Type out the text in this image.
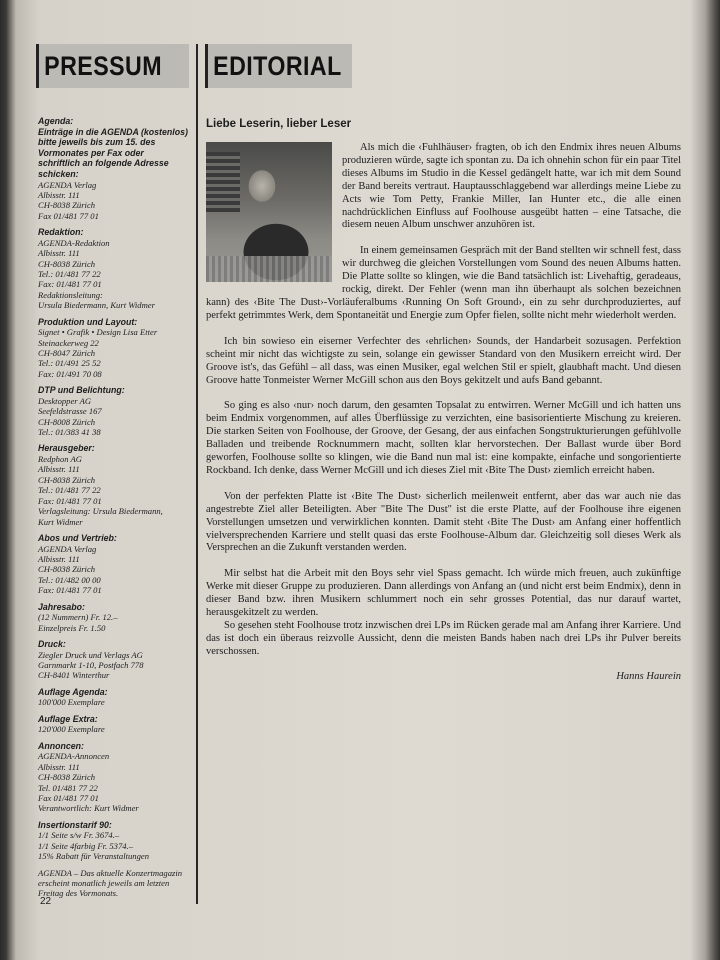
PRESSUM	EDITORIAL
Agenda:
Einträge in die AGENDA (kostenlos) bitte jeweils bis zum 15. des Vormonates per Fax oder schriftlich an folgende Adresse schicken:
AGENDA Verlag
Albisstr. 111
CH-8038 Zürich
Fax 01/481 77 01
Redaktion:
AGENDA-Redaktion
Albisstr. 111
CH-8038 Zürich
Tel.: 01/481 77 22
Fax: 01/481 77 01
Redaktionsleitung:
Ursula Biedermann, Kurt Widmer
Produktion und Layout:
Signet • Grafik • Design Lisa Etter
Steinackerweg 22
CH-8047 Zürich
Tel.: 01/491 25 52
Fax: 01/491 70 08
DTP und Belichtung:
Desktopper AG
Seefeldstrasse 167
CH-8008 Zürich
Tel.: 01/383 41 38
Herausgeber:
Redphon AG
Albisstr. 111
CH-8038 Zürich
Tel.: 01/481 77 22
Fax: 01/481 77 01
Verlagsleitung: Ursula Biedermann,
Kurt Widmer
Abos und Vertrieb:
AGENDA Verlag
Albisstr. 111
CH-8038 Zürich
Tel.: 01/482 00 00
Fax: 01/481 77 01
Jahresabo:
(12 Nummern) Fr. 12.–
Einzelpreis Fr. 1.50
Druck:
Ziegler Druck und Verlags AG
Garnmarkt 1-10, Postfach 778
CH-8401 Winterthur
Auflage Agenda:
100'000 Exemplare
Auflage Extra:
120'000 Exemplare
Annoncen:
AGENDA-Annoncen
Albisstr. 111
CH-8038 Zürich
Tel. 01/481 77 22
Fax 01/481 77 01
Verantwortlich: Kurt Widmer
Insertionstarif 90:
1/1 Seite s/w Fr. 3674.–
1/1 Seite 4farbig Fr. 5374.–
15% Rabatt für Veranstaltungen
AGENDA – Das aktuelle Konzertmagazin erscheint monatlich jeweils am letzten Freitag des Vormonats.
Liebe Leserin, lieber Leser

Als mich die ‹Fuhlhäuser› fragten, ob ich den Endmix ihres neuen Albums produzieren würde, sagte ich spontan zu. Da ich ohnehin schon für ein paar Titel dieses Albums im Studio in die Kessel gedängelt hatte, war ich mit dem Sound der Band bereits vertraut. Hauptausschlaggebend war allerdings meine Liebe zu Acts wie Tom Petty, Frankie Miller, Ian Hunter etc., die alle einen nachdrücklichen Einfluss auf Foolhouse ausgeübt hatten – eine Tatsache, die diesem neuen Album unschwer anzuhören ist.

In einem gemeinsamen Gespräch mit der Band stellten wir schnell fest, dass wir durchweg die gleichen Vorstellungen vom Sound des neuen Albums hatten. Die Platte sollte so klingen, wie die Band tatsächlich ist: Livehaftig, geradeaus, rockig, direkt. Der Fehler (wenn man ihn überhaupt als solchen bezeichnen kann) des ‹Bite The Dust›-Vorläuferalbums ‹Running On Soft Ground›, ein zu sehr durchproduziertes, auf perfekt getrimmtes Werk, dem Spontaneität und Energie zum Opfer fielen, sollte nicht mehr wiederholt werden.

Ich bin sowieso ein eiserner Verfechter des ‹ehrlichen› Sounds, der Handarbeit sozusagen. Perfektion scheint mir nicht das wichtigste zu sein, solange ein gewisser Standard von den Musikern erreicht wird. Der Groove ist's, das Gefühl – all dass, was einen Musiker, egal welchen Stil er spielt, glaubhaft macht. Und diesen Groove hatte Tonmeister Werner McGill schon aus den Boys gekitzelt und aufs Band gebannt.

So ging es also ‹nur› noch darum, den gesamten Topsalat zu entwirren. Werner McGill und ich hatten uns beim Endmix vorgenommen, auf alles Überflüssige zu verzichten, eine basisorientierte Mischung zu kreieren. Die starken Seiten von Foolhouse, der Groove, der Gesang, der aus einfachen Songstrukturierungen gefühlvolle Balladen und treibende Rocknummern macht, sollten klar hervorstechen. Der Ballast wurde über Bord geworfen, Foolhouse sollte so klingen, wie die Band nun mal ist: eine kompakte, einfache und songorientierte Rockband. Ich denke, dass Werner McGill und ich dieses Ziel mit ‹Bite The Dust› ziemlich erreicht haben.

Von der perfekten Platte ist ‹Bite The Dust› sicherlich meilenweit entfernt, aber das war auch nie das angestrebte Ziel aller Beteiligten. Aber "Bite The Dust" ist die erste Platte, auf der Foolhouse ihre eigenen Vorstellungen umsetzen und verwirklichen konnten. Damit steht ‹Bite The Dust› am Anfang einer hoffentlich vielversprechenden Karriere und stellt quasi das erste Foolhouse-Album dar. Gleichzeitig soll dieses Werk als Versprechen an die Zukunft verstanden werden.

Mir selbst hat die Arbeit mit den Boys sehr viel Spass gemacht. Ich würde mich freuen, auch zukünftige Werke mit dieser Gruppe zu produzieren. Dann allerdings von Anfang an (und nicht erst beim Endmix), denn in dieser Band bzw. ihren Musikern schlummert noch ein sehr grosses Potential, das nur darauf wartet, herausgekitzelt zu werden.

So gesehen steht Foolhouse trotz inzwischen drei LPs im Rücken gerade mal am Anfang ihrer Karriere. Und das ist doch ein überaus reizvolle Aussicht, denn die meisten Bands haben nach drei LPs ihr Pulver bereits verschossen.

Hanns Haurein
22
